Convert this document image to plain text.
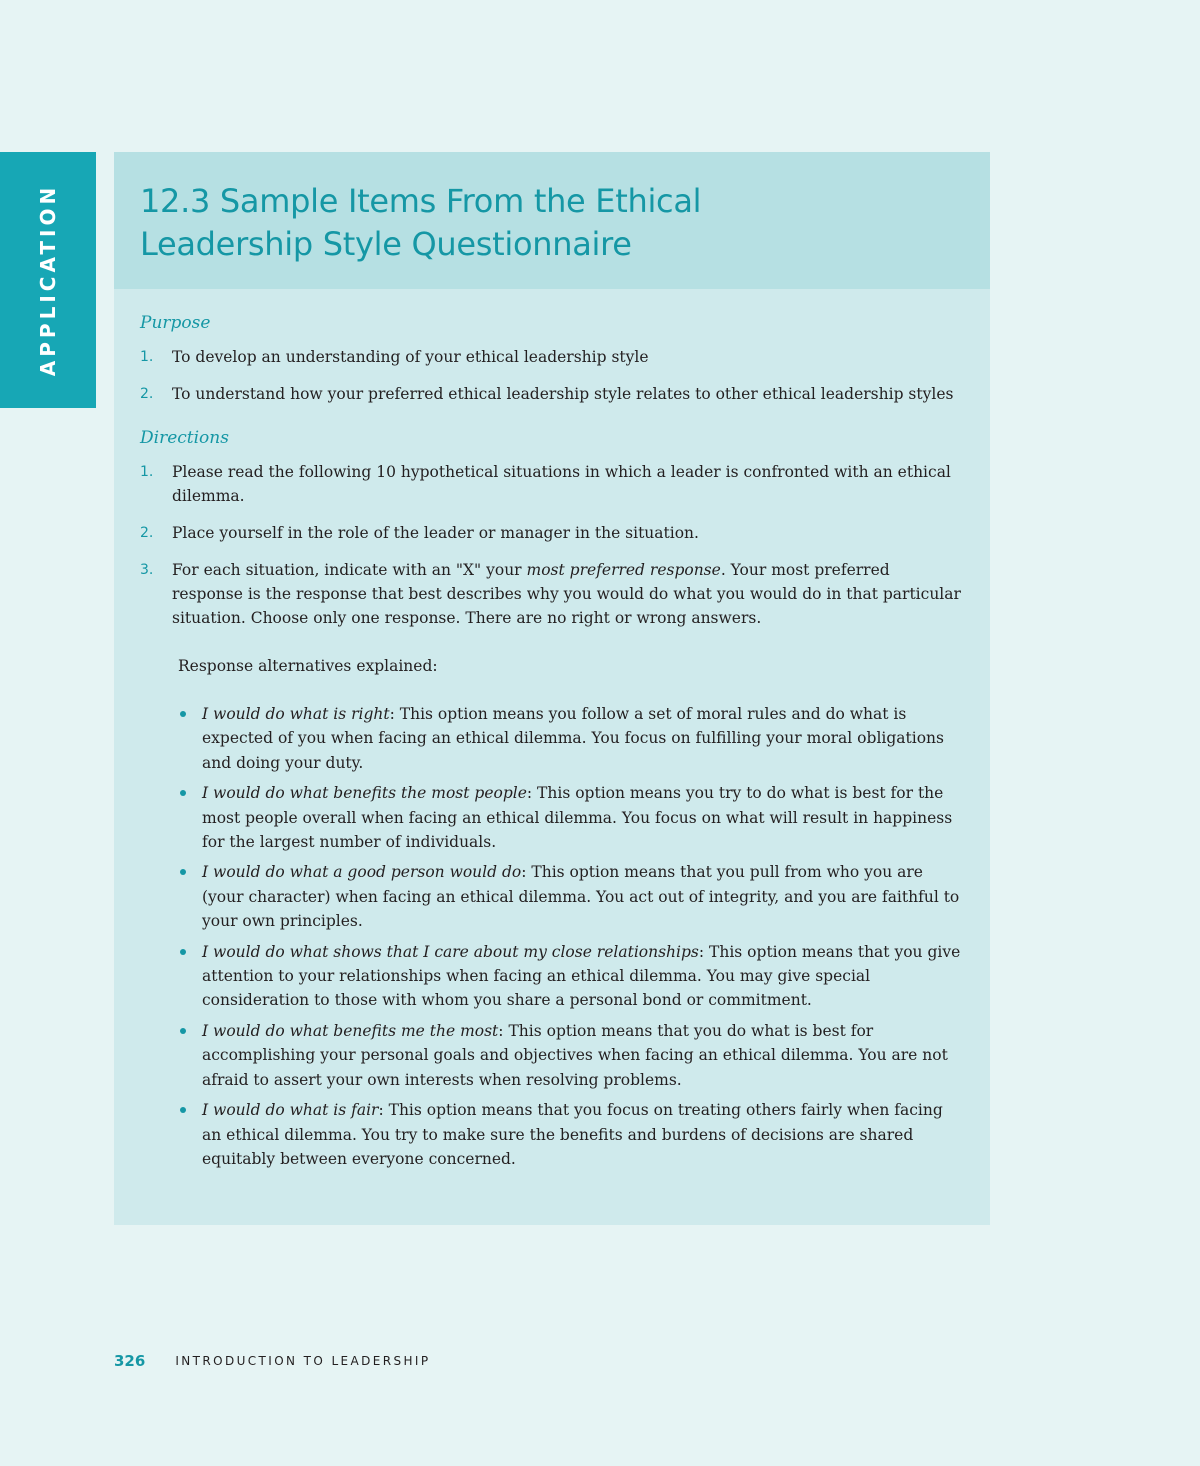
APPLICATION	12.3 Sample Items From the Ethical
Leadership Style Questionnaire
Purpose
1. To develop an understanding of your ethical leadership style
2. To understand how your preferred ethical leadership style relates to other ethical leadership styles
Directions
1. Please read the following 10 hypothetical situations in which a leader is confronted with an ethical dilemma.
2. Place yourself in the role of the leader or manager in the situation.
3. For each situation, indicate with an "X" your most preferred response. Your most preferred response is the response that best describes why you would do what you would do in that particular situation. Choose only one response. There are no right or wrong answers.
Response alternatives explained:
I would do what is right: This option means you follow a set of moral rules and do what is expected of you when facing an ethical dilemma. You focus on fulfilling your moral obligations and doing your duty.
I would do what benefits the most people: This option means you try to do what is best for the most people overall when facing an ethical dilemma. You focus on what will result in happiness for the largest number of individuals.
I would do what a good person would do: This option means that you pull from who you are (your character) when facing an ethical dilemma. You act out of integrity, and you are faithful to your own principles.
I would do what shows that I care about my close relationships: This option means that you give attention to your relationships when facing an ethical dilemma. You may give special consideration to those with whom you share a personal bond or commitment.
I would do what benefits me the most: This option means that you do what is best for accomplishing your personal goals and objectives when facing an ethical dilemma. You are not afraid to assert your own interests when resolving problems.
I would do what is fair: This option means that you focus on treating others fairly when facing an ethical dilemma. You try to make sure the benefits and burdens of decisions are shared equitably between everyone concerned.
326	INTRODUCTION TO LEADERSHIP
